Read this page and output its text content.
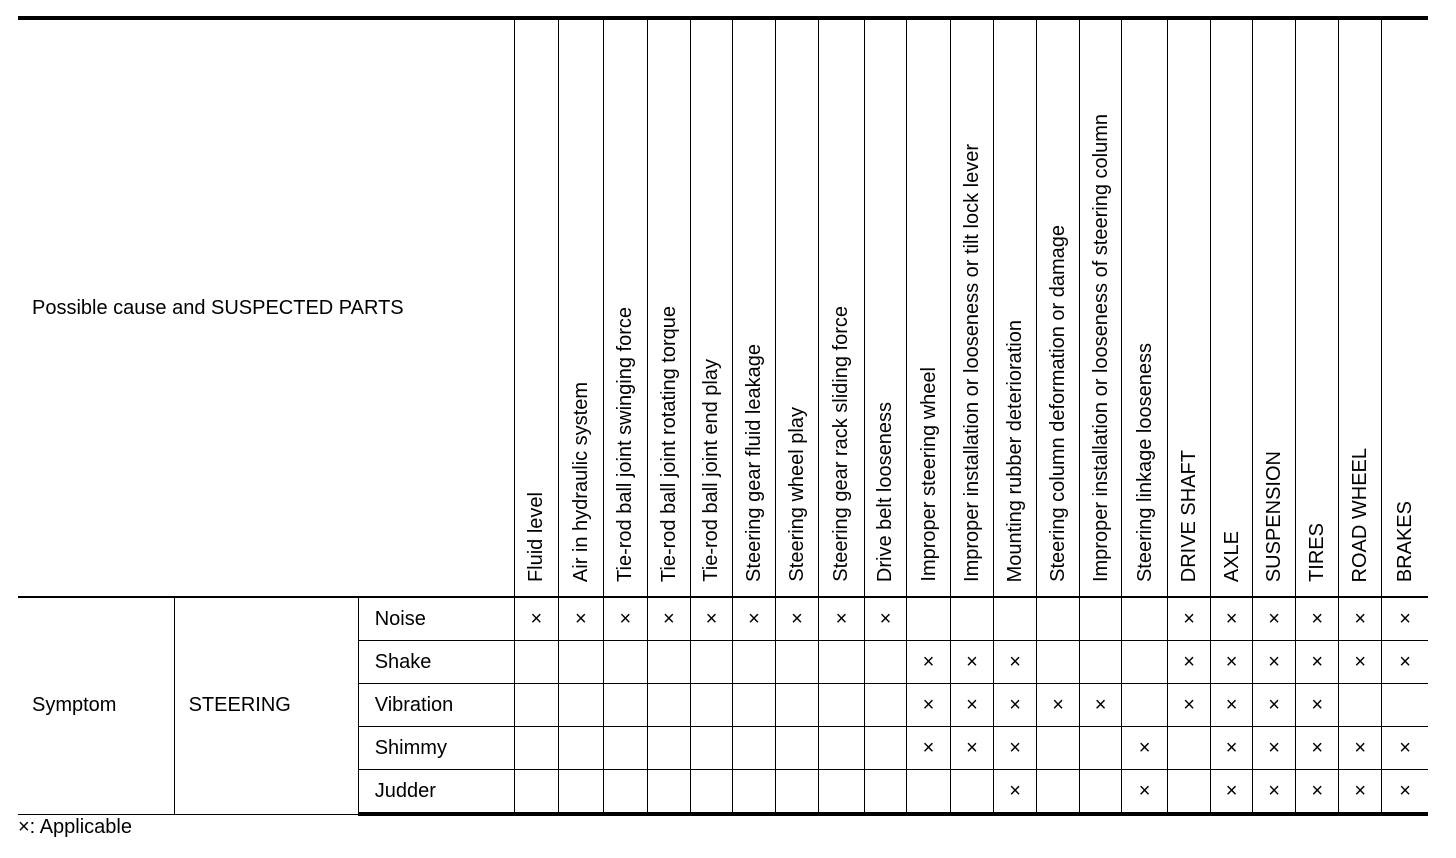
Possible cause and SUSPECTED PARTS			Fluid level	Air in hydraulic system	Tie-rod ball joint swinging force	Tie-rod ball joint rotating torque	Tie-rod ball joint end play	Steering gear fluid leakage	Steering wheel play	Steering gear rack sliding force	Drive belt looseness	Improper steering wheel	Improper installation or looseness or tilt lock lever	Mounting rubber deterioration	Steering column deformation or damage	Improper installation or looseness of steering column	Steering linkage looseness	DRIVE SHAFT	AXLE	SUSPENSION	TIRES	ROAD WHEEL	BRAKES

Symptom	STEERING	Noise	×	×	×	×	×	×	×	×	×							×	×	×	×	×	×
		Shake										×	×	×				×	×	×	×	×	×
		Vibration										×	×	×	×	×		×	×	×	×		
		Shimmy										×	×	×			×		×	×	×	×	×
		Judder												×			×		×	×	×	×	×
×: Applicable
